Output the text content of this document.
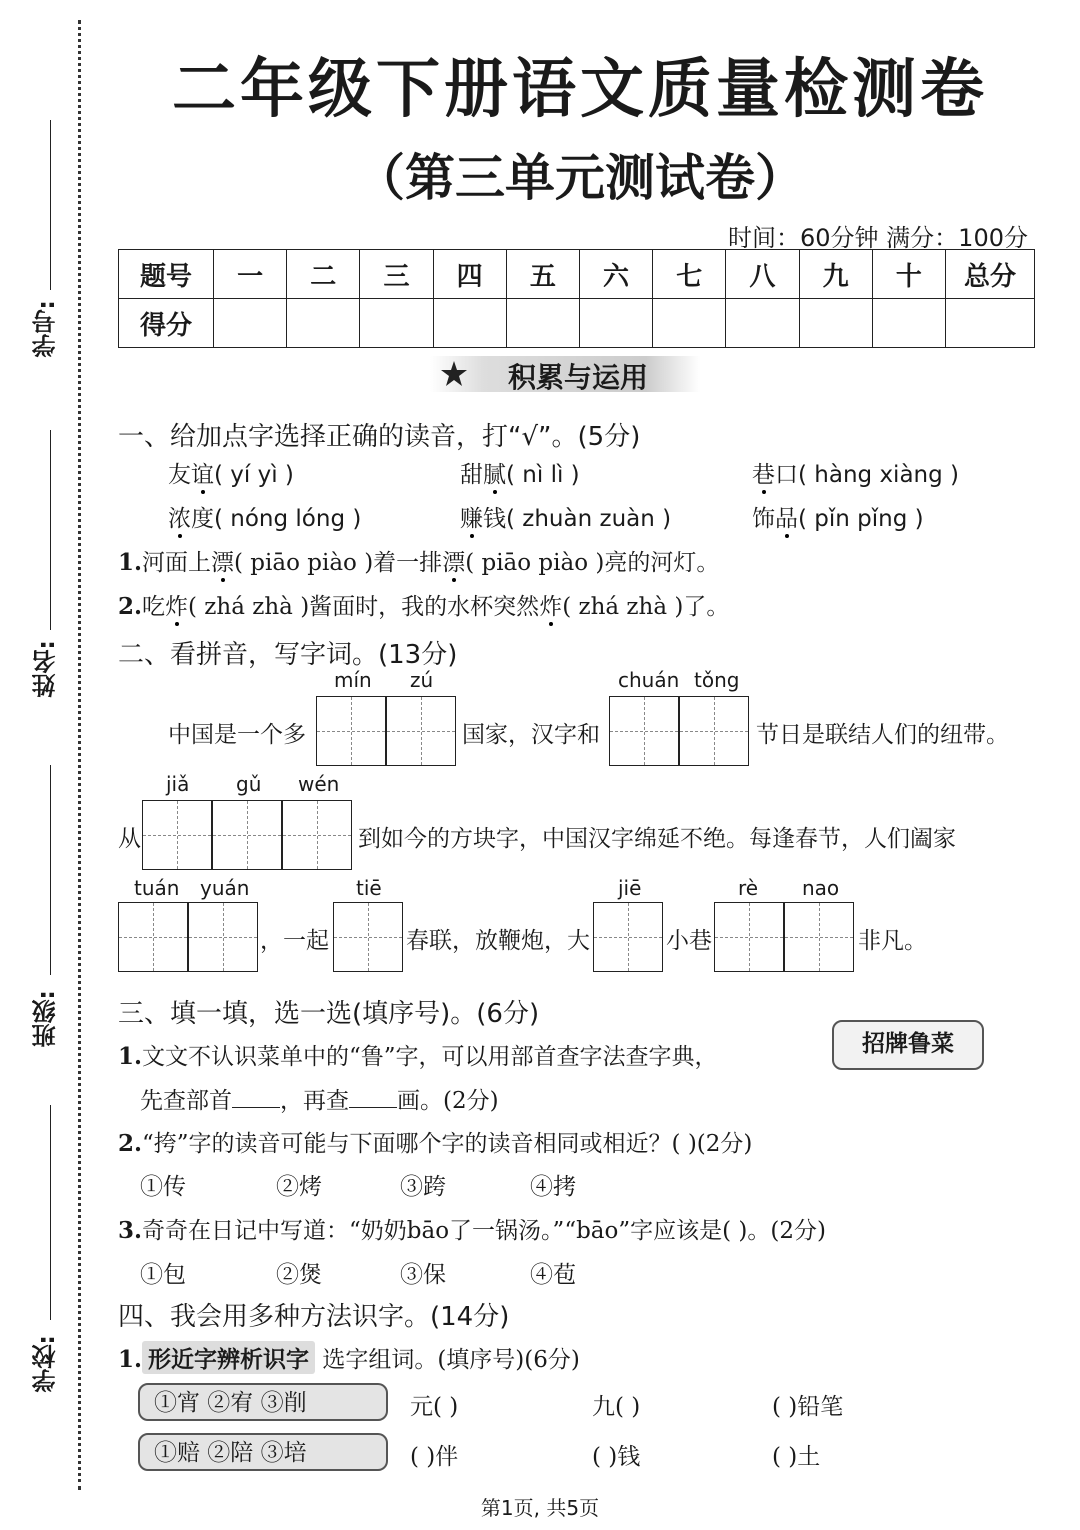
学号:
姓名:
班级:
学校:
二年级下册语文质量检测卷
（第三单元测试卷）
时间：60分钟 满分：100分
题号	一	二	三	四	五	六	七	八	九	十	总分
得分											
积累与运用
一、给加点字选择正确的读音，打“√”。(5分)
友谊( yí yì )	甜腻( nì lì )	巷口( hàng xiàng )
浓度( nóng lóng )	赚钱( zhuàn zuàn )	饰品( pǐn pǐng )
1.河面上漂( piāo piào )着一排漂( piāo piào )亮的河灯。
2.吃炸( zhá zhà )酱面时，我的水杯突然炸( zhá zhà )了。
二、看拼音，写字词。(13分)
mín zú	chuán tǒng
中国是一个多	国家，汉字和	节日是联结人们的纽带。
jiǎ gǔ wén
从	到如今的方块字，中国汉字绵延不绝。每逢春节，人们阖家
tuán yuán	tiē	jiē	rè nao
，一起	春联，放鞭炮，大	小巷	非凡。
三、填一填，选一选(填序号)。(6分)
招牌鲁菜
1.文文不认识菜单中的“鲁”字，可以用部首查字法查字典，
先查部首 ，再查 画。(2分)
2.“挎”字的读音可能与下面哪个字的读音相同或相近？( )(2分)
①传	②烤	③跨	④拷
3.奇奇在日记中写道：“奶奶bāo了一锅汤。”“bāo”字应该是( )。(2分)
①包	②煲	③保	④苞
四、我会用多种方法识字。(14分)
1. 形近字辨析识字 选字组词。(填序号)(6分)
①宵 ②宥 ③削	元( )	九( )	( )铅笔
①赔 ②陪 ③培	( )伴	( )钱	( )土
第1页, 共5页
